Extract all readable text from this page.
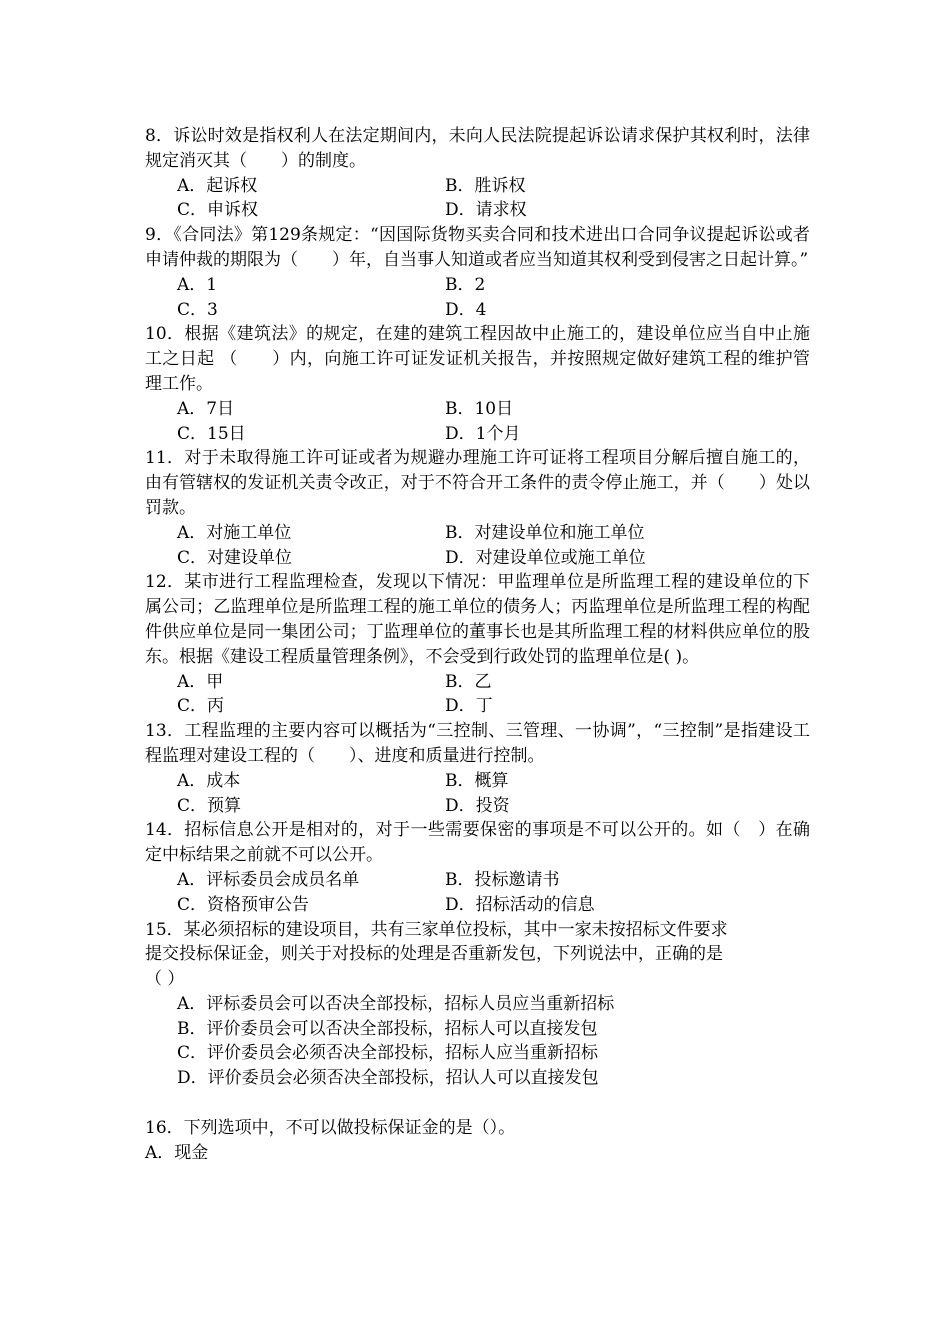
8．诉讼时效是指权利人在法定期间内，未向人民法院提起诉讼请求保护其权利时，法律规定消灭其（　　）的制度。
A．起诉权	B．胜诉权
C．申诉权	D．请求权
9．《合同法》第129条规定：“因国际货物买卖合同和技术进出口合同争议提起诉讼或者申请仲裁的期限为（　　）年，自当事人知道或者应当知道其权利受到侵害之日起计算。”
A．1	B．2
C．3	D．4
10．根据《建筑法》的规定，在建的建筑工程因故中止施工的，建设单位应当自中止施工之日起 （　　）内，向施工许可证发证机关报告，并按照规定做好建筑工程的维护管理工作。
A．7日	B．10日
C．15日	D．1个月
11．对于未取得施工许可证或者为规避办理施工许可证将工程项目分解后擅自施工的，由有管辖权的发证机关责令改正，对于不符合开工条件的责令停止施工，并（　　）处以罚款。
A．对施工单位	B．对建设单位和施工单位
C．对建设单位	D．对建设单位或施工单位
12．某市进行工程监理检查，发现以下情况：甲监理单位是所监理工程的建设单位的下属公司；乙监理单位是所监理工程的施工单位的债务人；丙监理单位是所监理工程的构配件供应单位是同一集团公司；丁监理单位的董事长也是其所监理工程的材料供应单位的股东。根据《建设工程质量管理条例》，不会受到行政处罚的监理单位是( )。
A．甲	B．乙
C．丙	D．丁
13．工程监理的主要内容可以概括为“三控制、三管理、一协调”，“三控制”是指建设工程监理对建设工程的（　　）、进度和质量进行控制。
A．成本	B．概算
C．预算	D．投资
14．招标信息公开是相对的，对于一些需要保密的事项是不可以公开的。如（　）在确定中标结果之前就不可以公开。
A．评标委员会成员名单	B．投标邀请书
C．资格预审公告	D．招标活动的信息
15．某必须招标的建设项目，共有三家单位投标，其中一家未按招标文件要求
提交投标保证金，则关于对投标的处理是否重新发包，下列说法中，正确的是
（ ）
A．评标委员会可以否决全部投标，招标人员应当重新招标
B．评价委员会可以否决全部投标，招标人可以直接发包
C．评价委员会必须否决全部投标，招标人应当重新招标
D．评价委员会必须否决全部投标，招认人可以直接发包
16．下列选项中，不可以做投标保证金的是（）。
A．现金
